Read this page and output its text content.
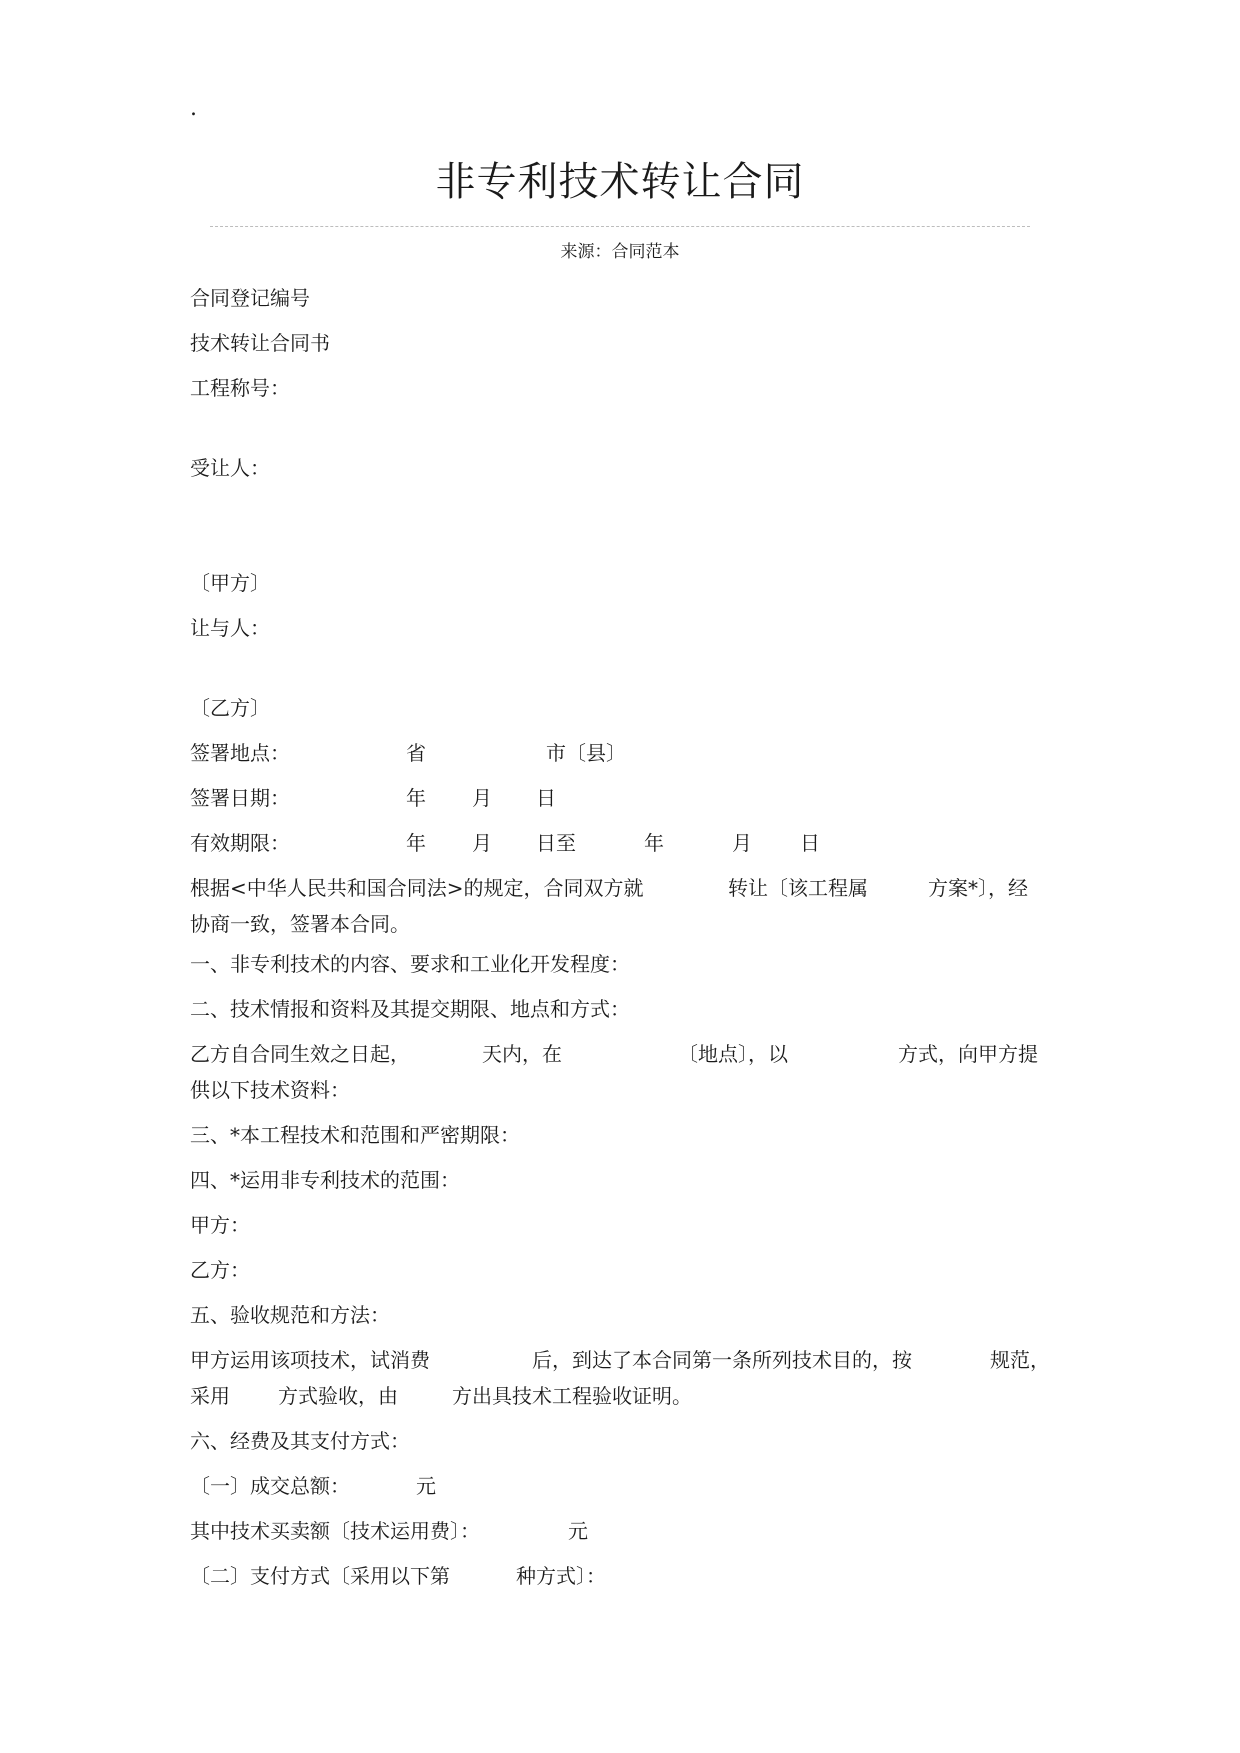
.
非专利技术转让合同
来源：合同范本
合同登记编号
技术转让合同书
工程称号：
受让人：
〔甲方〕
让与人：
〔乙方〕
签署地点：	省	市〔县〕
签署日期：	年 月 日
有效期限：	年 月 日至	年	月 日
根据<中华人民共和国合同法>的规定，合同双方就	转让〔该工程属	方案*〕，经
协商一致，签署本合同。
一、非专利技术的内容、要求和工业化开发程度：
二、技术情报和资料及其提交期限、地点和方式：
乙方自合同生效之日起，	天内，在	〔地点〕，以	方式，向甲方提
供以下技术资料：
三、*本工程技术和范围和严密期限：
四、*运用非专利技术的范围：
甲方：
乙方：
五、验收规范和方法：
甲方运用该项技术，试消费	后，到达了本合同第一条所列技术目的，按	规范，
采用 方式验收，由	方出具技术工程验收证明。
六、经费及其支付方式：
〔一〕成交总额：	元
其中技术买卖额〔技术运用费〕：	元
〔二〕支付方式〔采用以下第	种方式〕：
